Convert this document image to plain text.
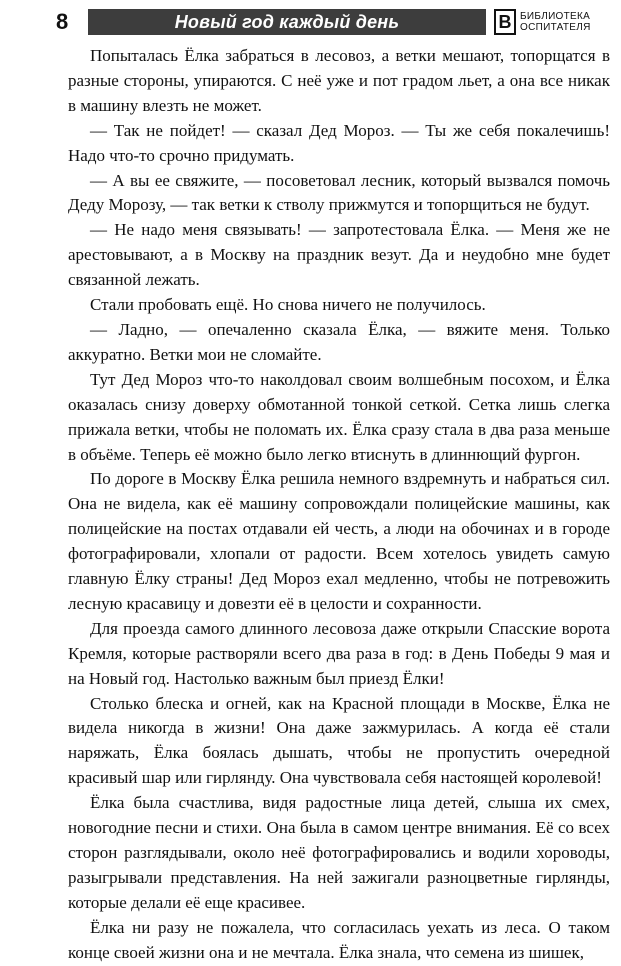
8	Новый год каждый день	B БИБЛИОТЕКА
ОСПИТАТЕЛЯ

Попыталась Ёлка забраться в лесовоз, а ветки мешают, топорщатся в разные стороны, упираются. С неё уже и пот градом льет, а она все никак в машину влезть не может.

— Так не пойдет! — сказал Дед Мороз. — Ты же себя покалечишь! Надо что-то срочно придумать.

— А вы ее свяжите, — посоветовал лесник, который вызвался помочь Деду Морозу, — так ветки к стволу прижмутся и топорщиться не будут.

— Не надо меня связывать! — запротестовала Ёлка. — Меня же не арестовывают, а в Москву на праздник везут. Да и неудобно мне будет связанной лежать.

Стали пробовать ещё. Но снова ничего не получилось.

— Ладно, — опечаленно сказала Ёлка, — вяжите меня. Только аккуратно. Ветки мои не сломайте.

Тут Дед Мороз что-то наколдовал своим волшебным посохом, и Ёлка оказалась снизу доверху обмотанной тонкой сеткой. Сетка лишь слегка прижала ветки, чтобы не поломать их. Ёлка сразу стала в два раза меньше в объёме. Теперь её можно было легко втиснуть в длиннющий фургон.

По дороге в Москву Ёлка решила немного вздремнуть и набраться сил. Она не видела, как её машину сопровождали полицейские машины, как полицейские на постах отдавали ей честь, а люди на обочинах и в городе фотографировали, хлопали от радости. Всем хотелось увидеть самую главную Ёлку страны! Дед Мороз ехал медленно, чтобы не потревожить лесную красавицу и довезти её в целости и сохранности.

Для проезда самого длинного лесовоза даже открыли Спасские ворота Кремля, которые растворяли всего два раза в год: в День Победы 9 мая и на Новый год. Настолько важным был приезд Ёлки!

Столько блеска и огней, как на Красной площади в Москве, Ёлка не видела никогда в жизни! Она даже зажмурилась. А когда её стали наряжать, Ёлка боялась дышать, чтобы не пропустить очередной красивый шар или гирлянду. Она чувствовала себя настоящей королевой!

Ёлка была счастлива, видя радостные лица детей, слыша их смех, новогодние песни и стихи. Она была в самом центре внимания. Её со всех сторон разглядывали, около неё фотографировались и водили хороводы, разыгрывали представления. На ней зажигали разноцветные гирлянды, которые делали её еще красивее.

Ёлка ни разу не пожалела, что согласилась уехать из леса. О таком конце своей жизни она и не мечтала. Ёлка знала, что семена из шишек,
